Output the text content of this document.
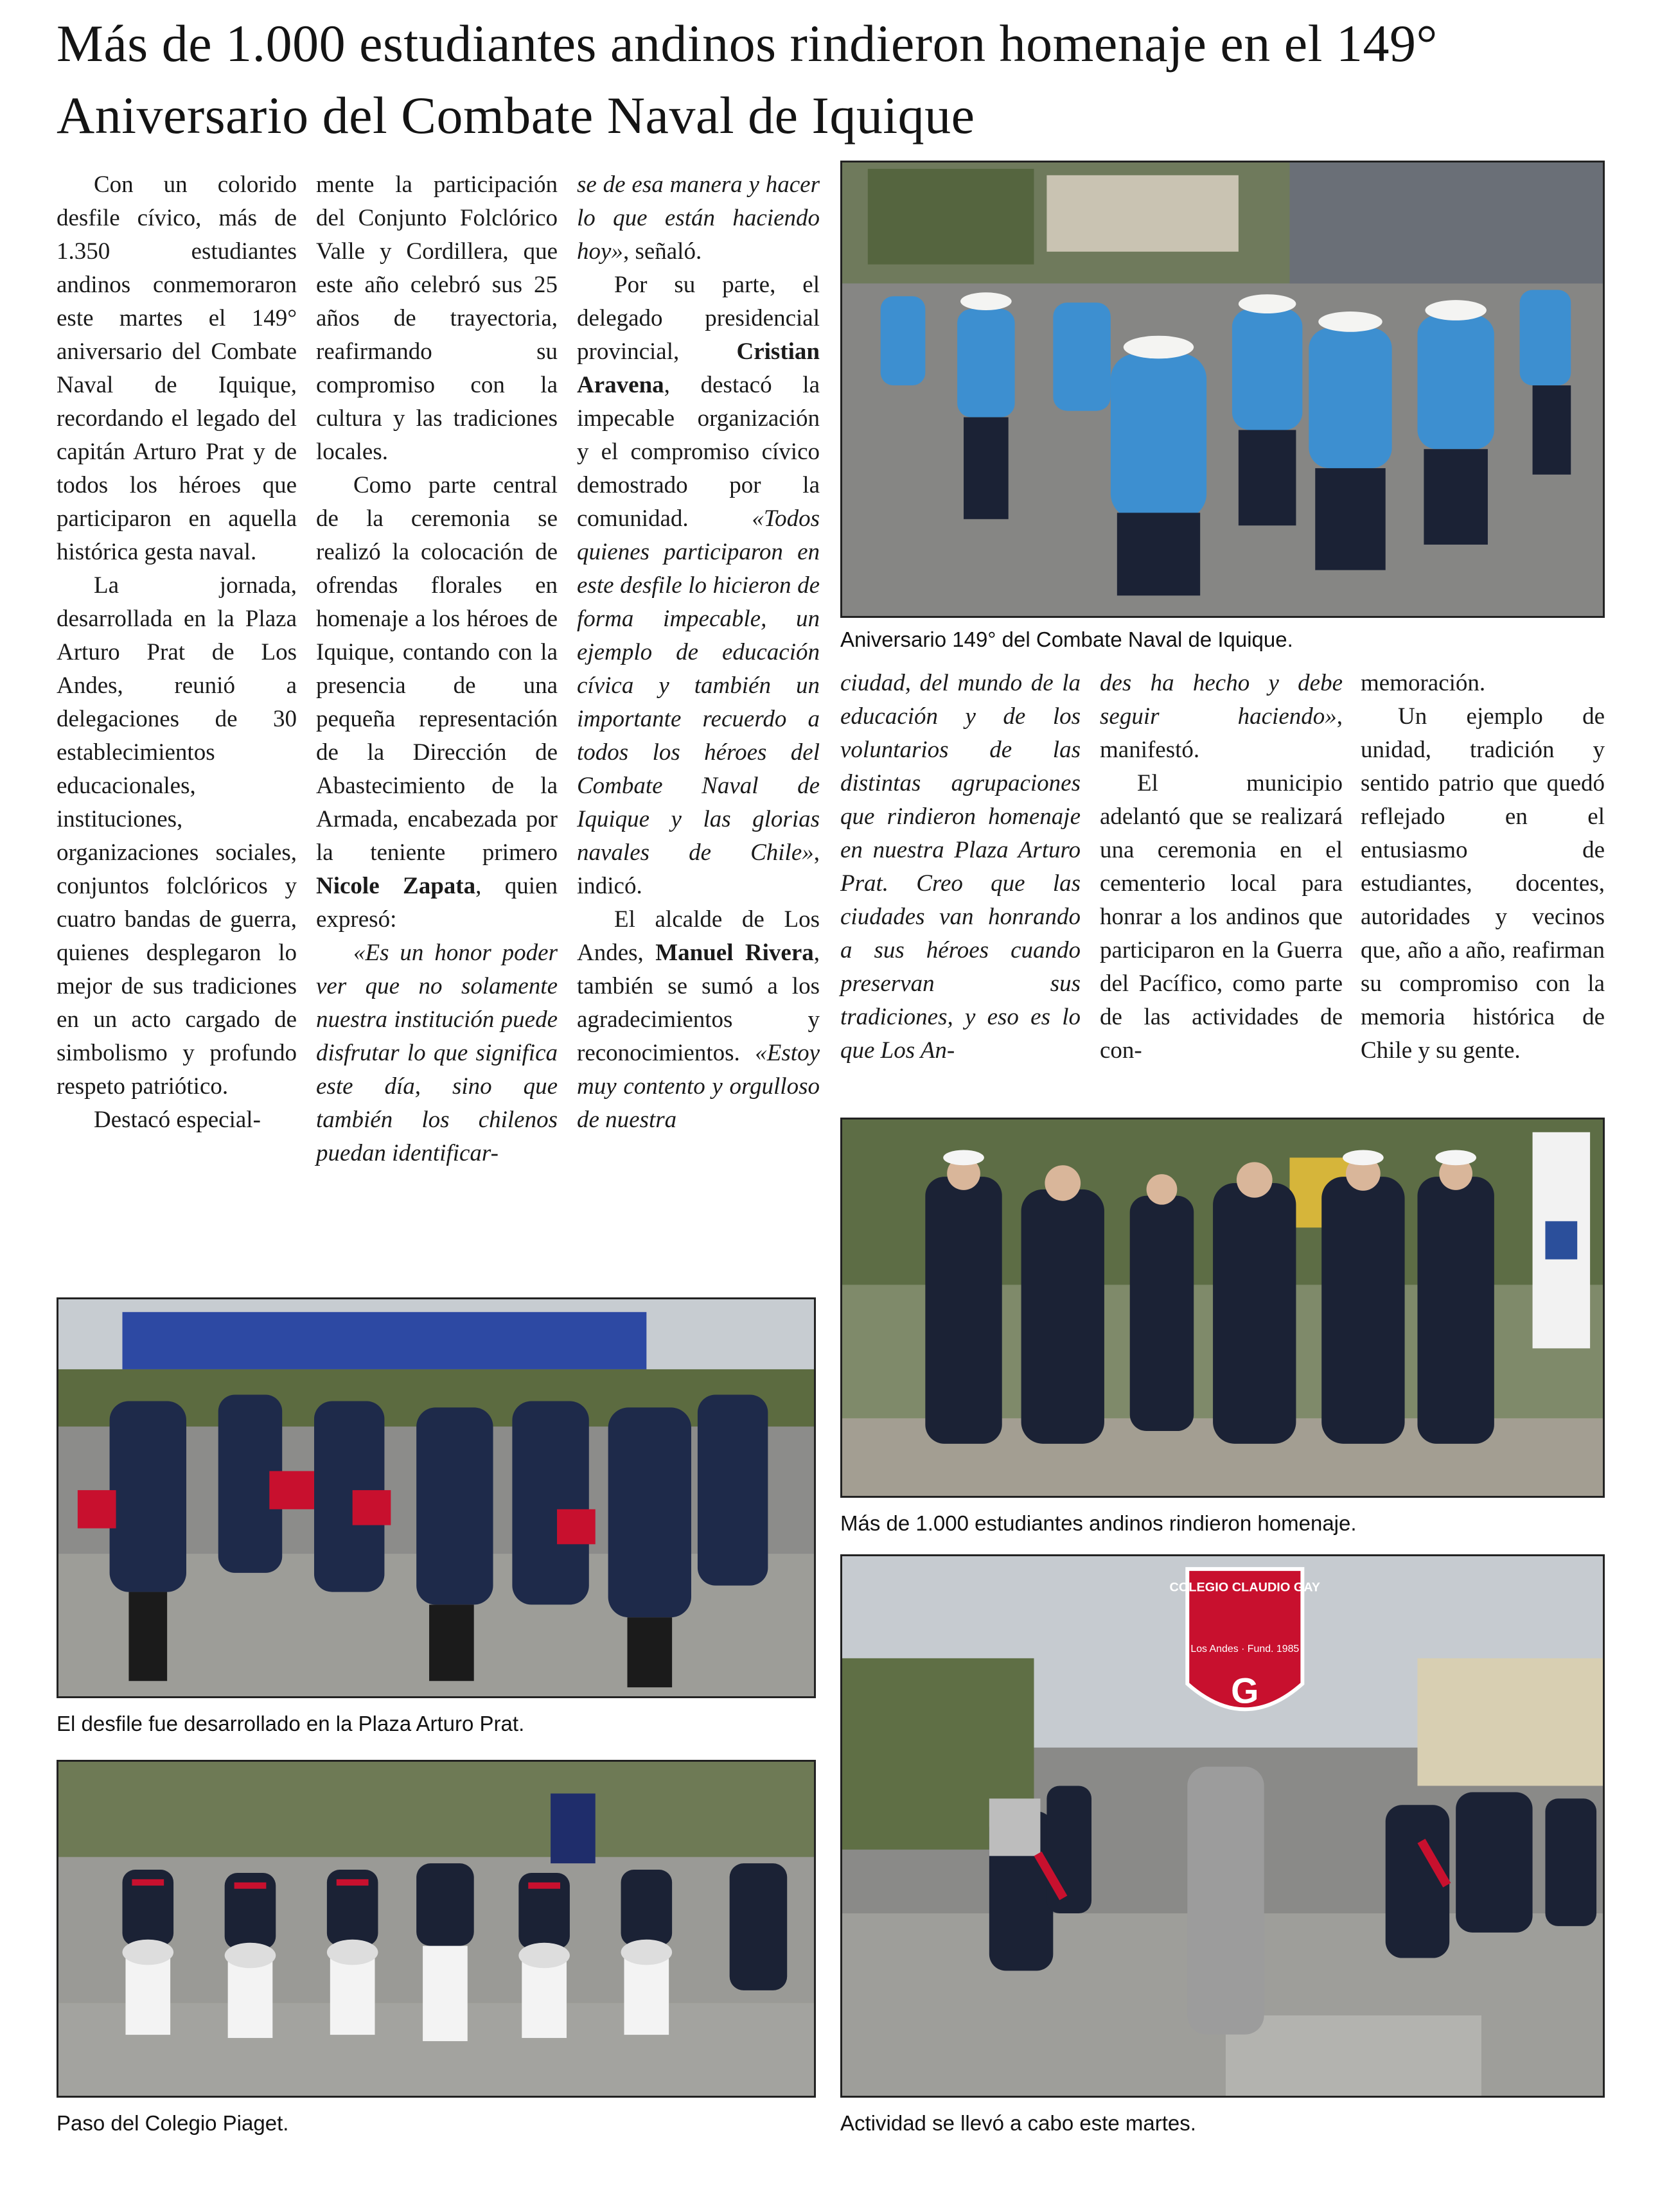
Más de 1.000 estudiantes andinos rindieron homenaje en el 149° Aniversario del Combate Naval de Iquique

Con un colorido desfile cívico, más de 1.350 estudiantes andinos conmemoraron este martes el 149° aniversario del Combate Naval de Iquique, recordando el legado del capitán Arturo Prat y de todos los héroes que participaron en aquella histórica gesta naval.

La jornada, desarrollada en la Plaza Arturo Prat de Los Andes, reunió a delegaciones de 30 establecimientos educacionales, instituciones, organizaciones sociales, conjuntos folclóricos y cuatro bandas de guerra, quienes desplegaron lo mejor de sus tradiciones en un acto cargado de simbolismo y profundo respeto patriótico.

Destacó especial-

mente la participación del Conjunto Folclórico Valle y Cordillera, que este año celebró sus 25 años de trayectoria, reafirmando su compromiso con la cultura y las tradiciones locales.

Como parte central de la ceremonia se realizó la colocación de ofrendas florales en homenaje a los héroes de Iquique, contando con la presencia de una pequeña representación de la Dirección de Abastecimiento de la Armada, encabezada por la teniente primero Nicole Zapata, quien expresó:

«Es un honor poder ver que no solamente nuestra institución puede disfrutar lo que significa este día, sino que también los chilenos puedan identificar-

se de esa manera y hacer lo que están haciendo hoy», señaló.

Por su parte, el delegado presidencial provincial, Cristian Aravena, destacó la impecable organización y el compromiso cívico demostrado por la comunidad. «Todos quienes participaron en este desfile lo hicieron de forma impecable, un ejemplo de educación cívica y también un importante recuerdo a todos los héroes del Combate Naval de Iquique y las glorias navales de Chile», indicó.

El alcalde de Los Andes, Manuel Rivera, también se sumó a los agradecimientos y reconocimientos. «Estoy muy contento y orgulloso de nuestra

ciudad, del mundo de la educación y de los voluntarios de las distintas agrupaciones que rindieron homenaje en nuestra Plaza Arturo Prat. Creo que las ciudades van honrando a sus héroes cuando preservan sus tradiciones, y eso es lo que Los An-

des ha hecho y debe seguir haciendo», manifestó.

El municipio adelantó que se realizará una ceremonia en el cementerio local para honrar a los andinos que participaron en la Guerra del Pacífico, como parte de las actividades de con-

memoración.

Un ejemplo de unidad, tradición y sentido patrio que quedó reflejado en el entusiasmo de estudiantes, docentes, autoridades y vecinos que, año a año, reafirman su compromiso con la memoria histórica de Chile y su gente.

Aniversario 149° del Combate Naval de Iquique.
Más de 1.000 estudiantes andinos rindieron homenaje.
El desfile fue desarrollado en la Plaza Arturo Prat.
Paso del Colegio Piaget.
COLEGIO CLAUDIO GAY
Los Andes · Fund. 1985
G
Actividad se llevó a cabo este martes.
